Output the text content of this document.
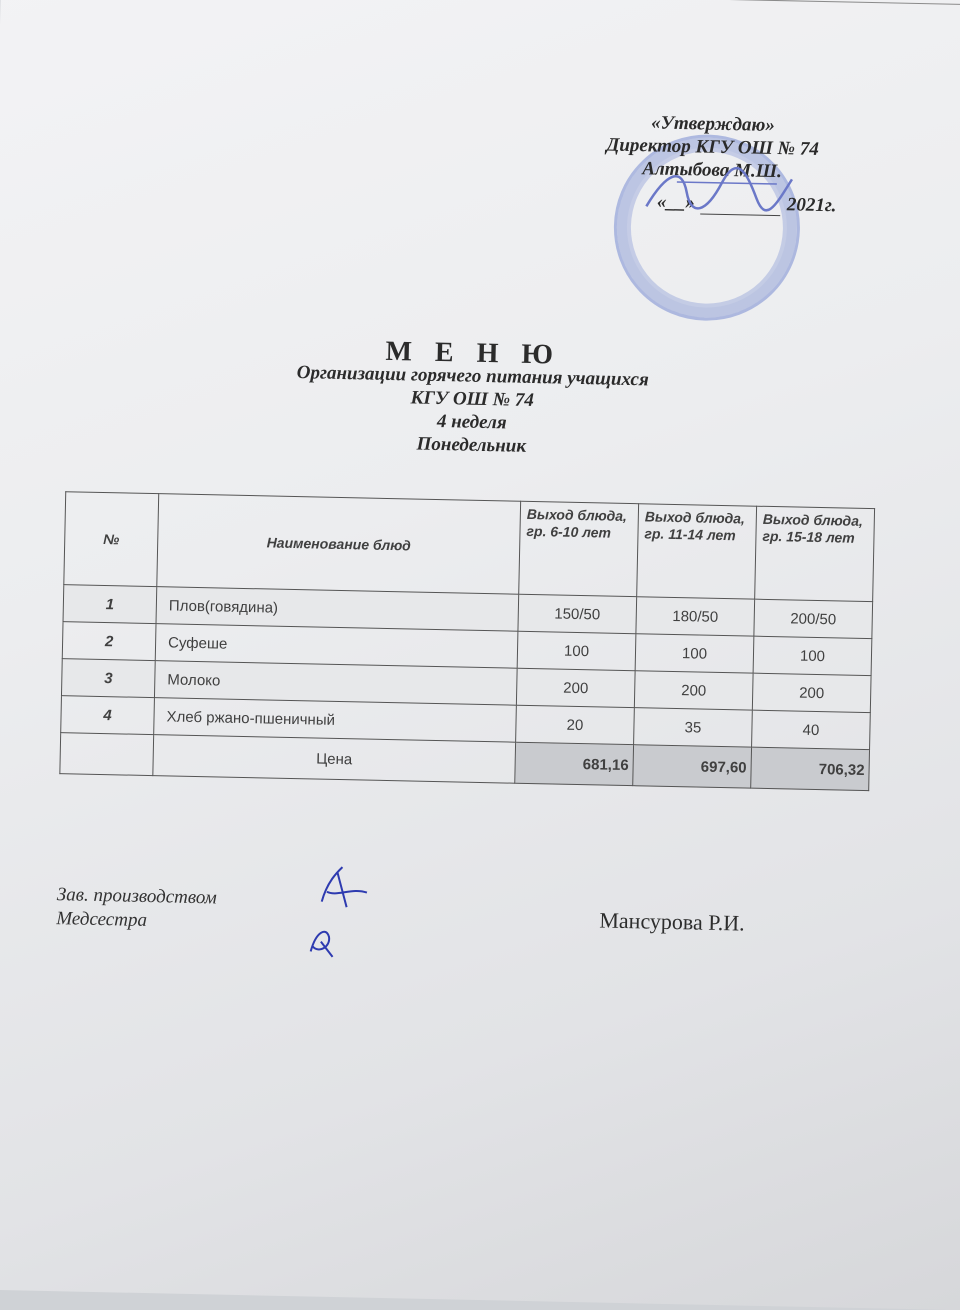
«Утверждаю»
Директор КГУ ОШ № 74
Алтыбова М.Ш.
«__»	2021г.
М Е Н Ю
Организации горячего питания учащихся
КГУ ОШ № 74
4 неделя
Понедельник
№	Наименование блюд	Выход блюда, гр. 6-10 лет	Выход блюда, гр. 11-14 лет	Выход блюда, гр. 15-18 лет
1	Плов(говядина)	150/50	180/50	200/50
2	Суфеше	100	100	100
3	Молоко	200	200	200
4	Хлеб ржано-пшеничный	20	35	40
	Цена	681,16	697,60	706,32
Зав. производством
Медсестра	Мансурова Р.И.
